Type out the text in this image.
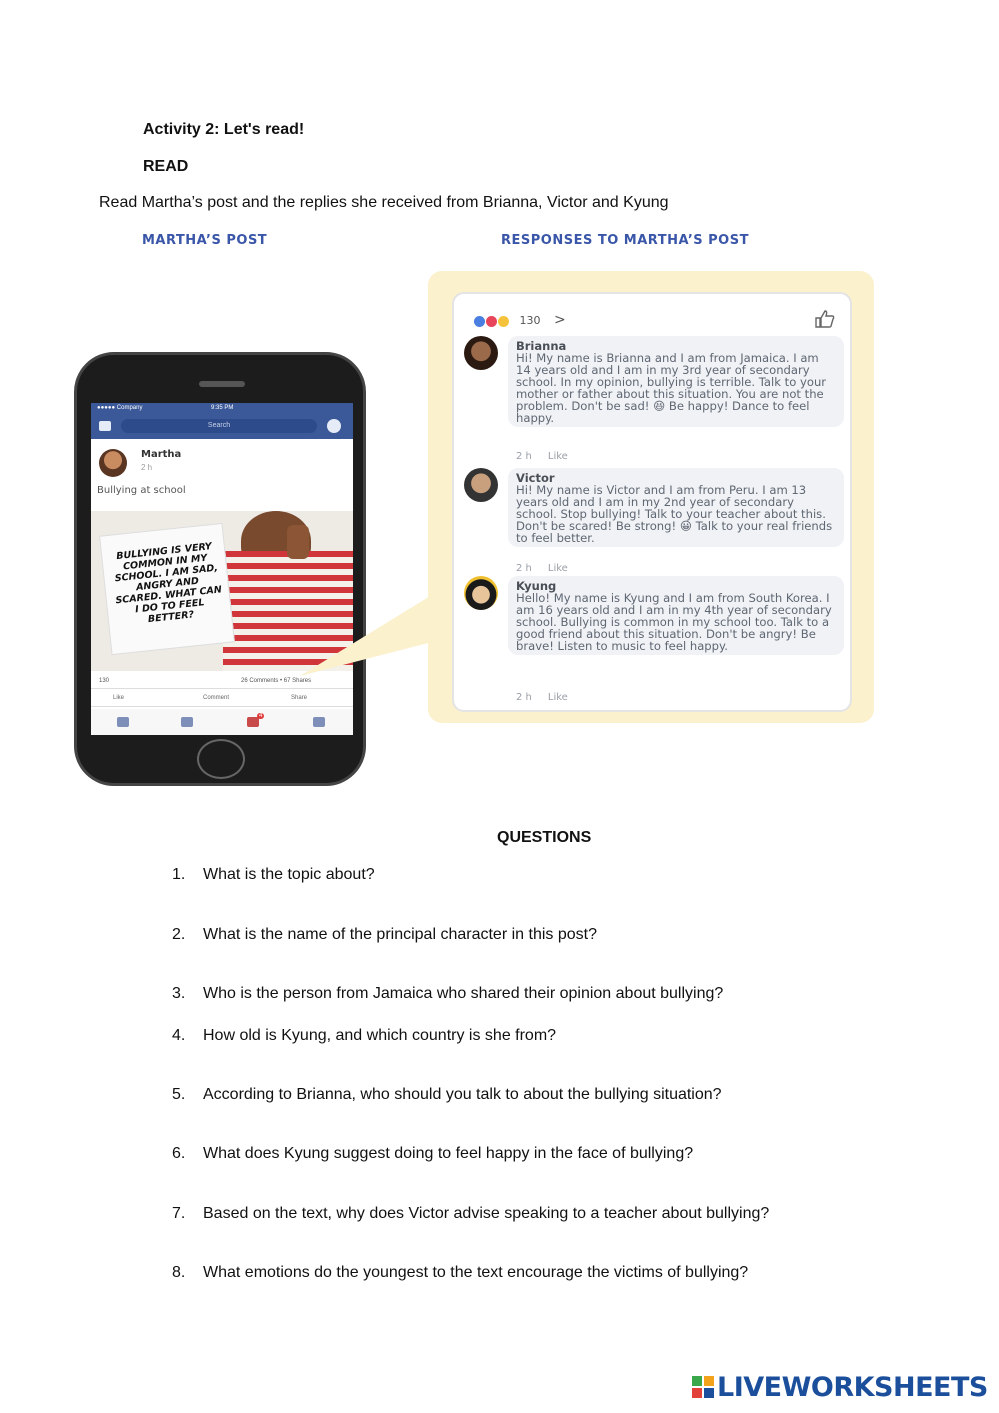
Activity 2: Let's read!
READ
Read Martha’s post and the replies she received from Brianna, Victor and Kyung
MARTHA’S POST	RESPONSES TO MARTHA’S POST
●●●●● Company	9:35 PM
Search
Martha
2 h
Bullying at school
BULLYING IS VERY COMMON IN MY SCHOOL. I AM SAD, ANGRY AND SCARED. WHAT CAN I DO TO FEEL BETTER?
130	26 Comments • 67 Shares
Like	Comment	Share
4
130 >
Brianna
Hi! My name is Brianna and I am from Jamaica. I am 14 years old and I am in my 3rd year of secondary school. In my opinion, bullying is terrible. Talk to your mother or father about this situation. You are not the problem. Don't be sad! 😆 Be happy! Dance to feel happy.
2 h Like
Victor
Hi! My name is Victor and I am from Peru. I am 13 years old and I am in my 2nd year of secondary school. Stop bullying! Talk to your teacher about this. Don't be scared! Be strong! 😀 Talk to your real friends to feel better.
2 h Like
Kyung
Hello! My name is Kyung and I am from South Korea. I am 16 years old and I am in my 4th year of secondary school. Bullying is common in my school too. Talk to a good friend about this situation. Don't be angry! Be brave! Listen to music to feel happy.
2 h Like
QUESTIONS
1. What is the topic about?
2. What is the name of the principal character in this post?
3. Who is the person from Jamaica who shared their opinion about bullying?
4. How old is Kyung, and which country is she from?
5. According to Brianna, who should you talk to about the bullying situation?
6. What does Kyung suggest doing to feel happy in the face of bullying?
7. Based on the text, why does Victor advise speaking to a teacher about bullying?
8. What emotions do the youngest to the text encourage the victims of bullying?
LIVEWORKSHEETS
